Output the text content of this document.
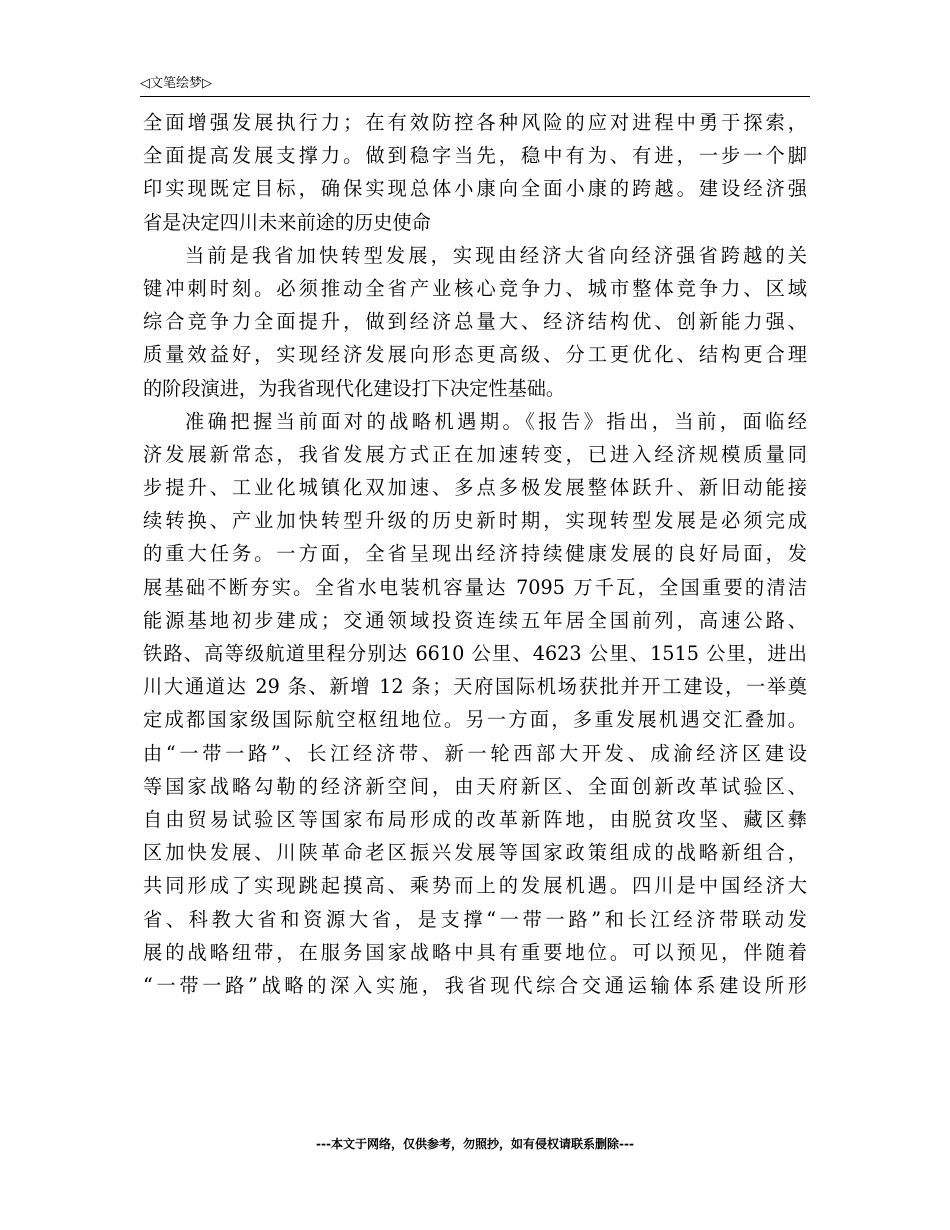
◁文笔绘梦▷
全面增强发展执行力；在有效防控各种风险的应对进程中勇于探索，
全面提高发展支撑力。做到稳字当先，稳中有为、有进，一步一个脚
印实现既定目标，确保实现总体小康向全面小康的跨越。建设经济强
省是决定四川未来前途的历史使命
当前是我省加快转型发展，实现由经济大省向经济强省跨越的关
键冲刺时刻。必须推动全省产业核心竞争力、城市整体竞争力、区域
综合竞争力全面提升，做到经济总量大、经济结构优、创新能力强、
质量效益好，实现经济发展向形态更高级、分工更优化、结构更合理
的阶段演进，为我省现代化建设打下决定性基础。
准确把握当前面对的战略机遇期。《报告》指出，当前，面临经
济发展新常态，我省发展方式正在加速转变，已进入经济规模质量同
步提升、工业化城镇化双加速、多点多极发展整体跃升、新旧动能接
续转换、产业加快转型升级的历史新时期，实现转型发展是必须完成
的重大任务。一方面，全省呈现出经济持续健康发展的良好局面，发
展基础不断夯实。全省水电装机容量达 7095 万千瓦，全国重要的清洁
能源基地初步建成；交通领域投资连续五年居全国前列，高速公路、
铁路、高等级航道里程分别达 6610 公里、4623 公里、1515 公里，进出
川大通道达 29 条、新增 12 条；天府国际机场获批并开工建设，一举奠
定成都国家级国际航空枢纽地位。另一方面，多重发展机遇交汇叠加。
由“一带一路”、长江经济带、新一轮西部大开发、成渝经济区建设
等国家战略勾勒的经济新空间，由天府新区、全面创新改革试验区、
自由贸易试验区等国家布局形成的改革新阵地，由脱贫攻坚、藏区彝
区加快发展、川陕革命老区振兴发展等国家政策组成的战略新组合，
共同形成了实现跳起摸高、乘势而上的发展机遇。四川是中国经济大
省、科教大省和资源大省，是支撑“一带一路”和长江经济带联动发
展的战略纽带，在服务国家战略中具有重要地位。可以预见，伴随着
“一带一路”战略的深入实施，我省现代综合交通运输体系建设所形
---本文于网络，仅供参考，勿照抄，如有侵权请联系删除---
